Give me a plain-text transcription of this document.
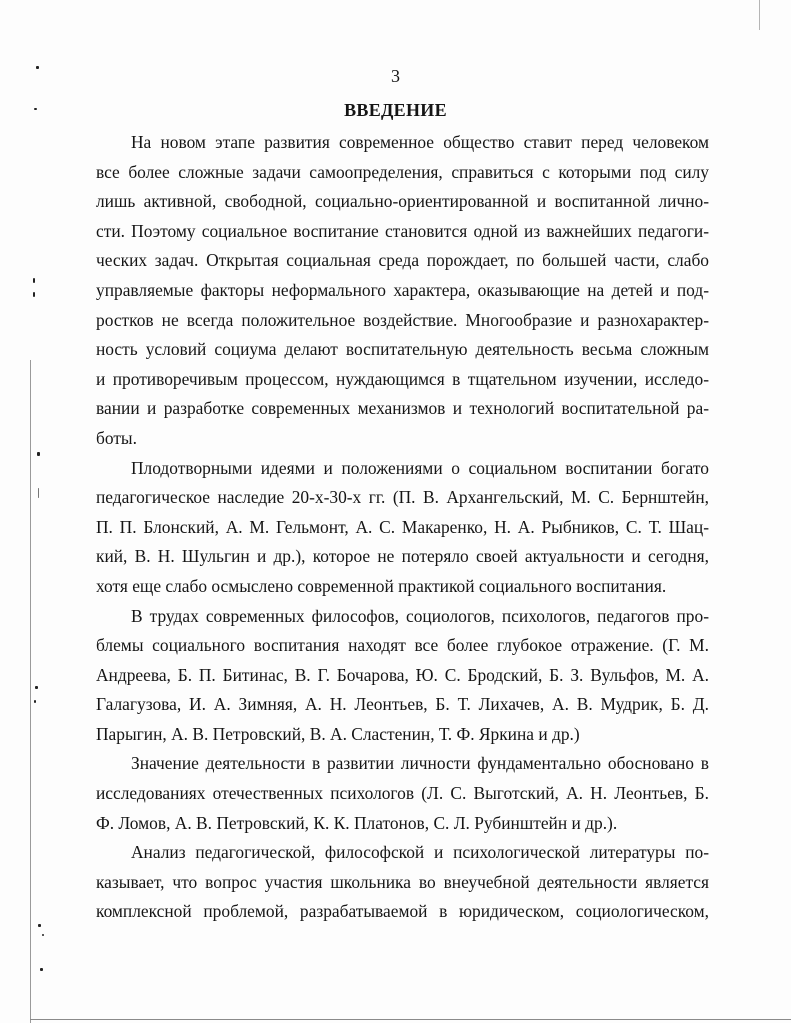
3
ВВЕДЕНИЕ
На новом этапе развития современное общество ставит перед человеком
все более сложные задачи самоопределения, справиться с которыми под силу
лишь активной, свободной, социально-ориентированной и воспитанной лично-
сти. Поэтому социальное воспитание становится одной из важнейших педагоги-
ческих задач. Открытая социальная среда порождает, по большей части, слабо
управляемые факторы неформального характера, оказывающие на детей и под-
ростков не всегда положительное воздействие. Многообразие и разнохарактер-
ность условий социума делают воспитательную деятельность весьма сложным
и противоречивым процессом, нуждающимся в тщательном изучении, исследо-
вании и разработке современных механизмов и технологий воспитательной ра-
боты.
Плодотворными идеями и положениями о социальном воспитании богато
педагогическое наследие 20-х-30-х гг. (П. В. Архангельский, М. С. Бернштейн,
П. П. Блонский, А. М. Гельмонт, А. С. Макаренко, Н. А. Рыбников, С. Т. Шац-
кий, В. Н. Шульгин и др.), которое не потеряло своей актуальности и сегодня,
хотя еще слабо осмыслено современной практикой социального воспитания.
В трудах современных философов, социологов, психологов, педагогов про-
блемы социального воспитания находят все более глубокое отражение. (Г. М.
Андреева, Б. П. Битинас, В. Г. Бочарова, Ю. С. Бродский, Б. З. Вульфов, М. А.
Галагузова, И. А. Зимняя, А. Н. Леонтьев, Б. Т. Лихачев, А. В. Мудрик, Б. Д.
Парыгин, А. В. Петровский, В. А. Сластенин, Т. Ф. Яркина и др.)
Значение деятельности в развитии личности фундаментально обосновано в
исследованиях отечественных психологов (Л. С. Выготский, А. Н. Леонтьев, Б.
Ф. Ломов, А. В. Петровский, К. К. Платонов, С. Л. Рубинштейн и др.).
Анализ педагогической, философской и психологической литературы по-
казывает, что вопрос участия школьника во внеучебной деятельности является
комплексной проблемой, разрабатываемой в юридическом, социологическом,
